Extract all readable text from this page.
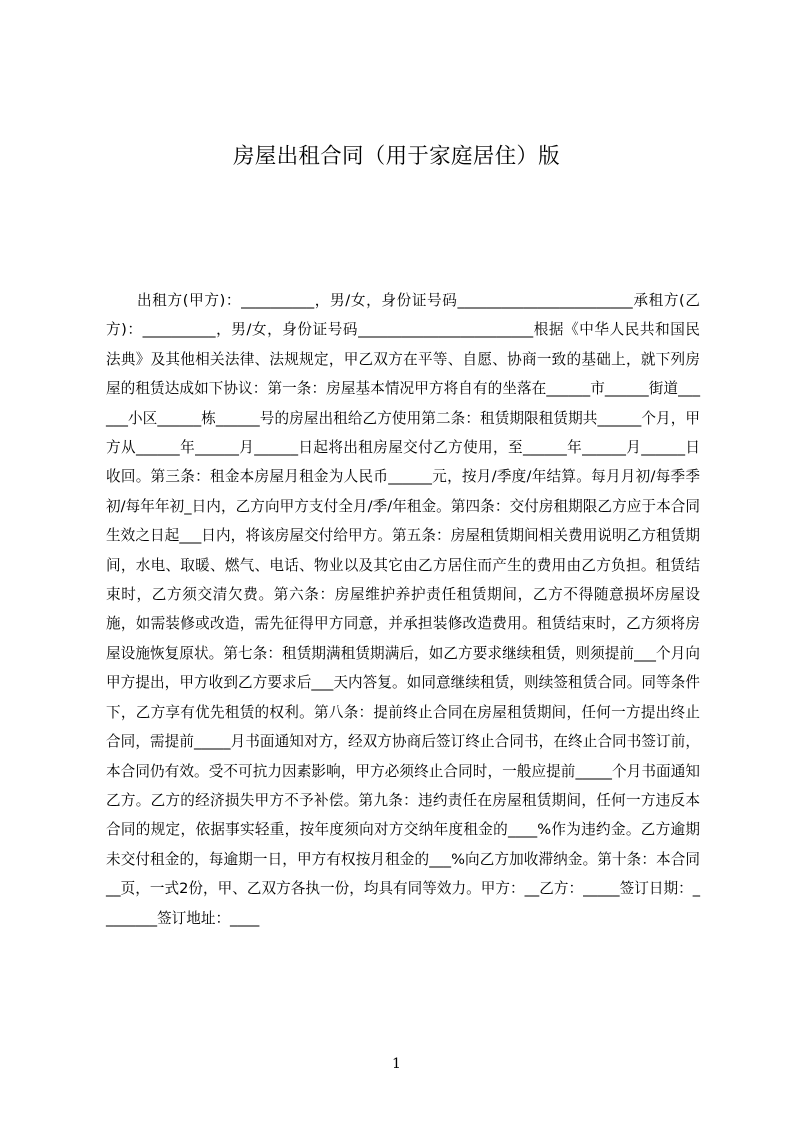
房屋出租合同（用于家庭居住）版
出租方(甲方)：__________，男/女，身份证号码________________________承租方(乙方)：__________，男/女，身份证号码________________________根据《中华人民共和国民法典》及其他相关法律、法规规定，甲乙双方在平等、自愿、协商一致的基础上，就下列房屋的租赁达成如下协议：第一条：房屋基本情况甲方将自有的坐落在______市______街道______小区______栋______号的房屋出租给乙方使用第二条：租赁期限租赁期共______个月，甲方从______年______月______日起将出租房屋交付乙方使用，至______年______月______日收回。第三条：租金本房屋月租金为人民币______元，按月/季度/年结算。每月月初/每季季初/每年年初_日内，乙方向甲方支付全月/季/年租金。第四条：交付房租期限乙方应于本合同生效之日起___日内，将该房屋交付给甲方。第五条：房屋租赁期间相关费用说明乙方租赁期间，水电、取暖、燃气、电话、物业以及其它由乙方居住而产生的费用由乙方负担。租赁结束时，乙方须交清欠费。第六条：房屋维护养护责任租赁期间，乙方不得随意损坏房屋设施，如需装修或改造，需先征得甲方同意，并承担装修改造费用。租赁结束时，乙方须将房屋设施恢复原状。第七条：租赁期满租赁期满后，如乙方要求继续租赁，则须提前___个月向甲方提出，甲方收到乙方要求后___天内答复。如同意继续租赁，则续签租赁合同。同等条件下，乙方享有优先租赁的权利。第八条：提前终止合同在房屋租赁期间，任何一方提出终止合同，需提前_____月书面通知对方，经双方协商后签订终止合同书，在终止合同书签订前，本合同仍有效。受不可抗力因素影响，甲方必须终止合同时，一般应提前_____个月书面通知乙方。乙方的经济损失甲方不予补偿。第九条：违约责任在房屋租赁期间，任何一方违反本合同的规定，依据事实轻重，按年度须向对方交纳年度租金的____%作为违约金。乙方逾期未交付租金的，每逾期一日，甲方有权按月租金的___%向乙方加收滞纳金。第十条：本合同__页，一式2份，甲、乙双方各执一份，均具有同等效力。甲方：__乙方：_____签订日期：________签订地址：____
1
